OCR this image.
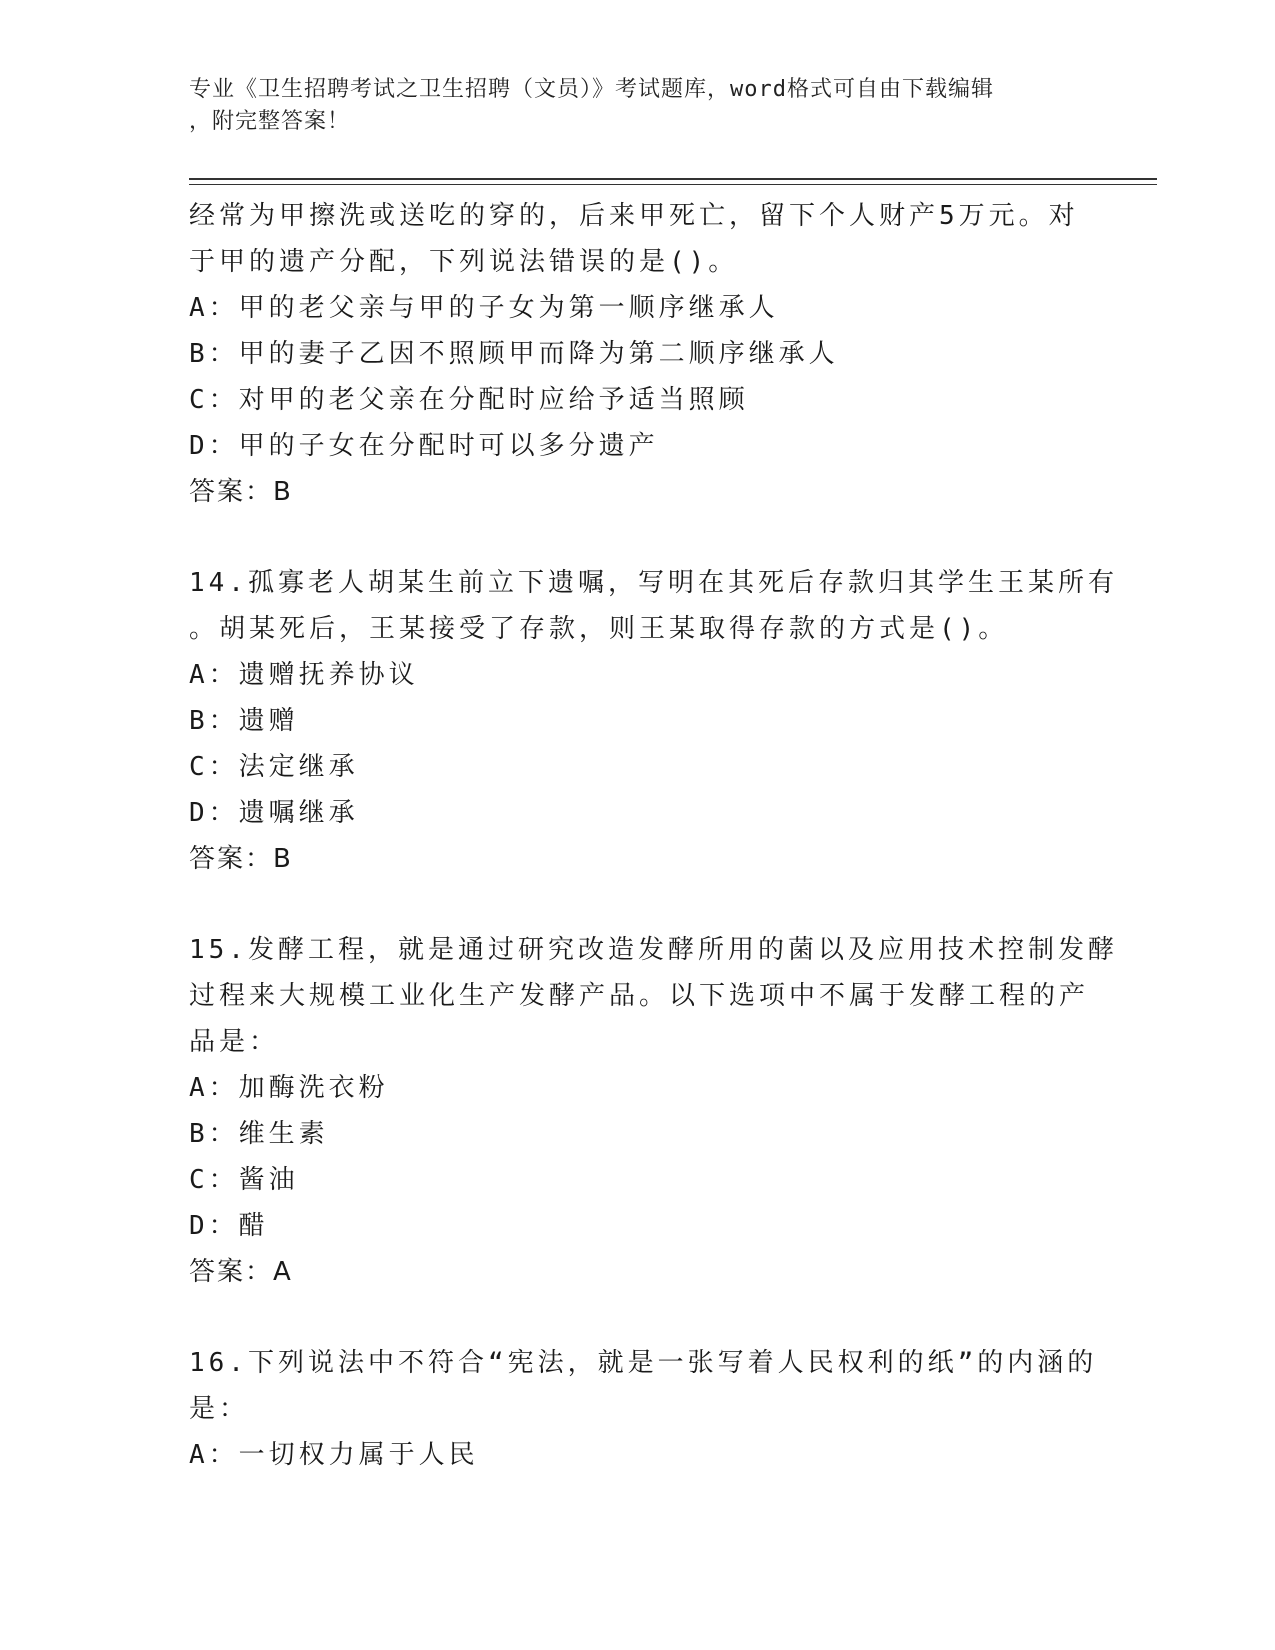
专业《卫生招聘考试之卫生招聘（文员）》考试题库，word格式可自由下载编辑
，附完整答案！
经常为甲擦洗或送吃的穿的，后来甲死亡，留下个人财产5万元。对
于甲的遗产分配，下列说法错误的是()。
A：甲的老父亲与甲的子女为第一顺序继承人
B：甲的妻子乙因不照顾甲而降为第二顺序继承人
C：对甲的老父亲在分配时应给予适当照顾
D：甲的子女在分配时可以多分遗产
答案：B
14.孤寡老人胡某生前立下遗嘱，写明在其死后存款归其学生王某所有
。胡某死后，王某接受了存款，则王某取得存款的方式是()。
A：遗赠抚养协议
B：遗赠
C：法定继承
D：遗嘱继承
答案：B
15.发酵工程，就是通过研究改造发酵所用的菌以及应用技术控制发酵
过程来大规模工业化生产发酵产品。以下选项中不属于发酵工程的产
品是：
A：加酶洗衣粉
B：维生素
C：酱油
D：醋
答案：A
16.下列说法中不符合“宪法，就是一张写着人民权利的纸”的内涵的
是：
A：一切权力属于人民
